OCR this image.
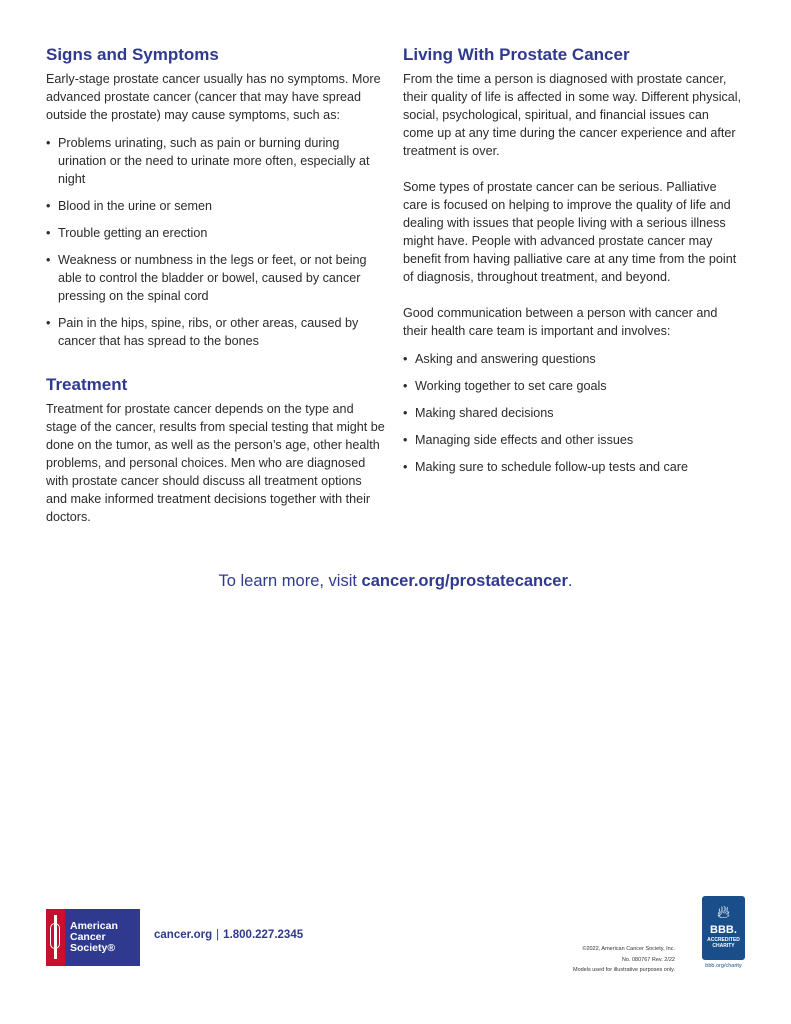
Signs and Symptoms

Early-stage prostate cancer usually has no symptoms. More advanced prostate cancer (cancer that may have spread outside the prostate) may cause symptoms, such as:

• Problems urinating, such as pain or burning during urination or the need to urinate more often, especially at night
• Blood in the urine or semen
• Trouble getting an erection
• Weakness or numbness in the legs or feet, or not being able to control the bladder or bowel, caused by cancer pressing on the spinal cord
• Pain in the hips, spine, ribs, or other areas, caused by cancer that has spread to the bones
Treatment

Treatment for prostate cancer depends on the type and stage of the cancer, results from special testing that might be done on the tumor, as well as the person’s age, other health problems, and personal choices. Men who are diagnosed with prostate cancer should discuss all treatment options and make informed treatment decisions together with their doctors.

Living With Prostate Cancer

From the time a person is diagnosed with prostate cancer, their quality of life is affected in some way. Different physical, social, psychological, spiritual, and financial issues can come up at any time during the cancer experience and after treatment is over.

Some types of prostate cancer can be serious. Palliative care is focused on helping to improve the quality of life and dealing with issues that people living with a serious illness might have. People with advanced prostate cancer may benefit from having palliative care at any time from the point of diagnosis, throughout treatment, and beyond.

Good communication between a person with cancer and their health care team is important and involves:

• Asking and answering questions
• Working together to set care goals
• Making shared decisions
• Managing side effects and other issues
• Making sure to schedule follow-up tests and care
To learn more, visit cancer.org/prostatecancer.
American
Cancer
Society®
cancer.org | 1.800.227.2345
©2022, American Cancer Society, Inc.
No. 080767 Rev. 2/22
Models used for illustrative purposes only.
🔥︎
BBB.
ACCREDITED
CHARITY
bbb.org/charity
